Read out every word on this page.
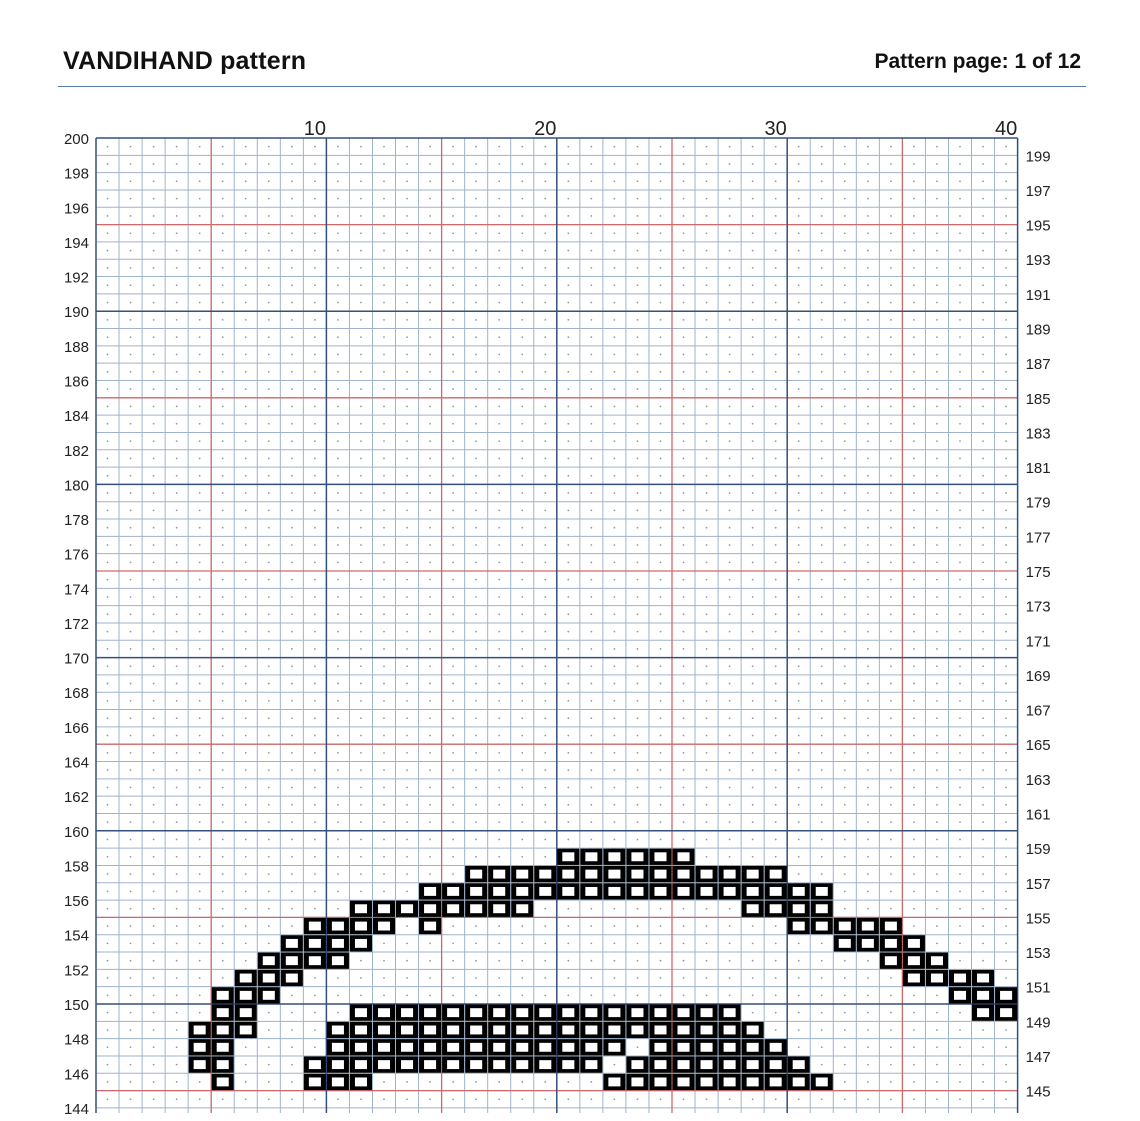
VANDIHAND pattern	Pattern page: 1 of 12
10	20	30	40
200
198
196
194
192
190
188
186
184
182
180
178
176
174
172
170
168
166
164
162
160
158
156
154
152
150
148
146
144
199
197
195
193
191
189
187
185
183
181
179
177
175
173
171
169
167
165
163
161
159
157
155
153
151
149
147
145
